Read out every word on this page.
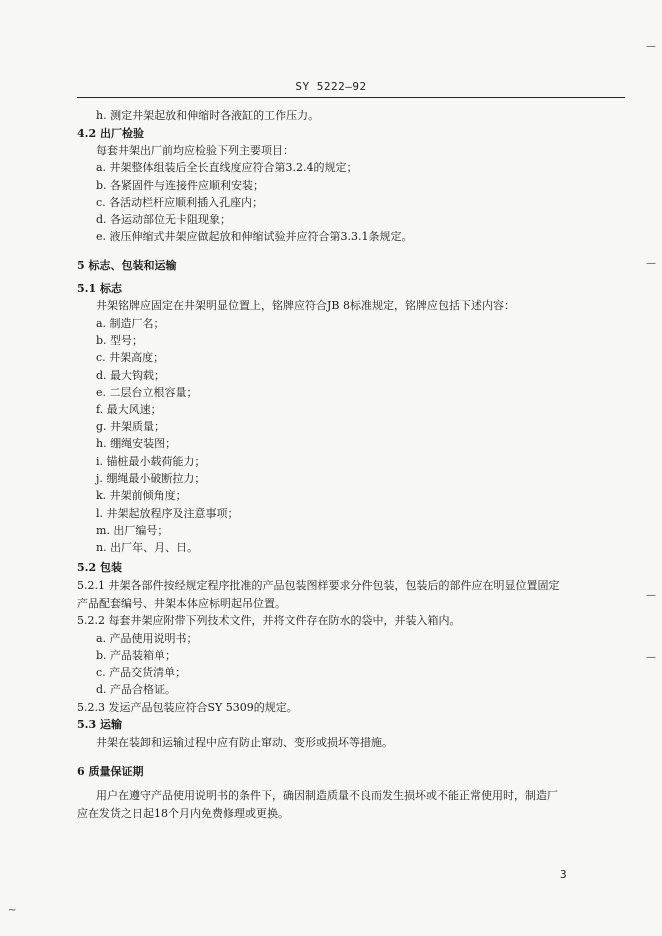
SY 5222—92
h. 测定井架起放和伸缩时各液缸的工作压力。
4.2 出厂检验
每套井架出厂前均应检验下列主要项目：
a. 井架整体组装后全长直线度应符合第3.2.4的规定；
b. 各紧固件与连接件应顺利安装；
c. 各活动栏杆应顺利插入孔座内；
d. 各运动部位无卡阻现象；
e. 液压伸缩式井架应做起放和伸缩试验并应符合第3.3.1条规定。
5 标志、包装和运输
5.1 标志
井架铭牌应固定在井架明显位置上，铭牌应符合JB 8标准规定，铭牌应包括下述内容：
a. 制造厂名；
b. 型号；
c. 井架高度；
d. 最大钩载；
e. 二层台立根容量；
f. 最大风速；
g. 井架质量；
h. 绷绳安装图；
i. 锚桩最小载荷能力；
j. 绷绳最小破断拉力；
k. 井架前倾角度；
l. 井架起放程序及注意事项；
m. 出厂编号；
n. 出厂年、月、日。
5.2 包装
5.2.1 井架各部件按经规定程序批准的产品包装图样要求分件包装，包装后的部件应在明显位置固定
产品配套编号、井架本体应标明起吊位置。
5.2.2 每套井架应附带下列技术文件，并将文件存在防水的袋中，并装入箱内。
a. 产品使用说明书；
b. 产品装箱单；
c. 产品交货清单；
d. 产品合格证。
5.2.3 发运产品包装应符合SY 5309的规定。
5.3 运输
井架在装卸和运输过程中应有防止窜动、变形或损坏等措施。
6 质量保证期
用户在遵守产品使用说明书的条件下，确因制造质量不良而发生损坏或不能正常使用时，制造厂
应在发货之日起18个月内免费修理或更换。
3
—
—
—
—
~
